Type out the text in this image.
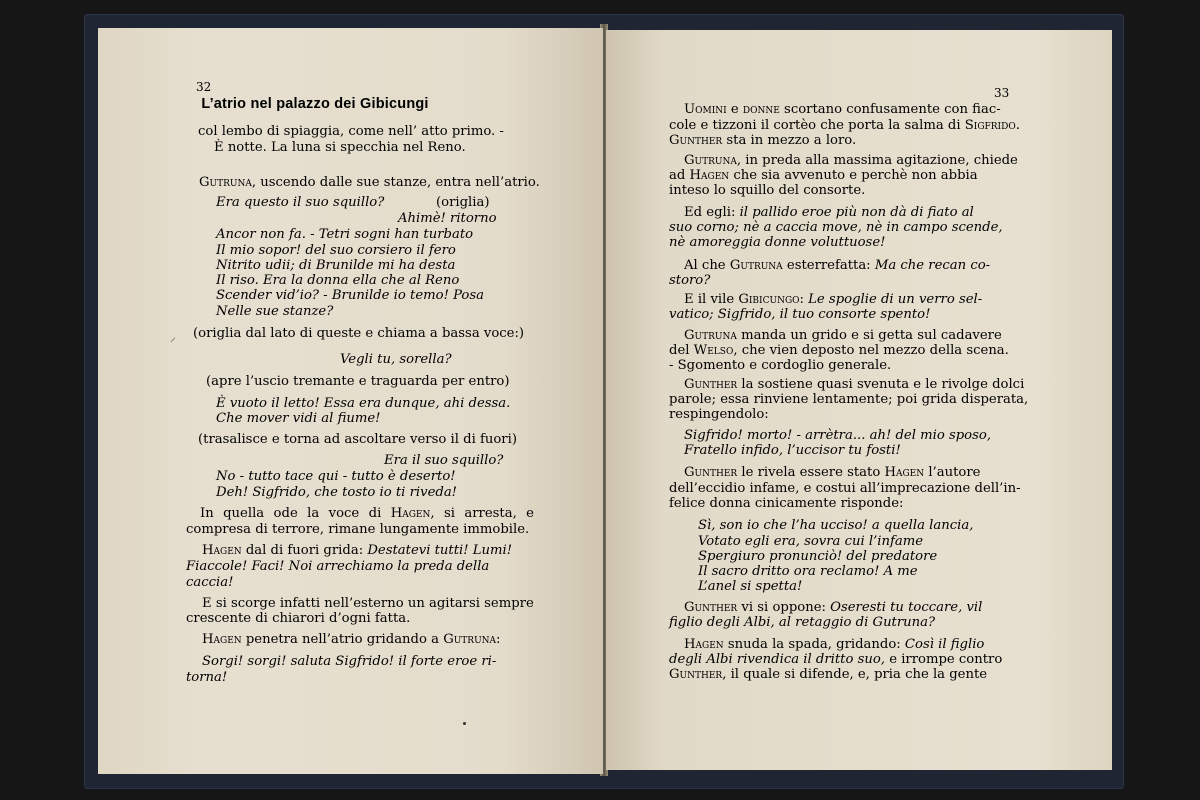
32
L’atrio nel palazzo dei Gibicungi
col lembo di spiaggia, come nell’ atto primo. -
È notte. La luna si specchia nel Reno.
Gutruna, uscendo dalle sue stanze, entra nell’atrio.
Era questo il suo squillo?	(origlia)
Ahimè! ritorno
Ancor non fa. - Tetri sogni han turbato
Il mio sopor! del suo corsiero il fero
Nitrito udii; di Brunilde mi ha desta
Il riso. Era la donna ella che al Reno
Scender vid’io? - Brunilde io temo! Posa
Nelle sue stanze?
⸝ (origlia dal lato di queste e chiama a bassa voce:)
Vegli tu, sorella?
(apre l’uscio tremante e traguarda per entro)
È vuoto il letto! Essa era dunque, ahi dessa.
Che mover vidi al fiume!
(trasalisce e torna ad ascoltare verso il di fuori)
Era il suo squillo?
No - tutto tace qui - tutto è deserto!
Deh! Sigfrido, che tosto io ti riveda!
In quella ode la voce di Hagen, si arresta, e
compresa di terrore, rimane lungamente immobile.
Hagen dal di fuori grida: Destatevi tutti! Lumi!
Fiaccole! Faci! Noi arrechiamo la preda della
caccia!
E si scorge infatti nell’esterno un agitarsi sempre
crescente di chiarori d’ogni fatta.
Hagen penetra nell’atrio gridando a Gutruna:
Sorgi! sorgi! saluta Sigfrido! il forte eroe ri-
torna!
33
Uomini e donne scortano confusamente con fiac-
cole e tizzoni il cortèo che porta la salma di Sigfrido.
Gunther sta in mezzo a loro.
Gutruna, in preda alla massima agitazione, chiede
ad Hagen che sia avvenuto e perchè non abbia
inteso lo squillo del consorte.
Ed egli: il pallido eroe più non dà di fiato al
suo corno; nè a caccia move, nè in campo scende,
nè amoreggia donne voluttuose!
Al che Gutruna esterrefatta: Ma che recan co-
storo?
E il vile Gibicungo: Le spoglie di un verro sel-
vatico; Sigfrido, il tuo consorte spento!
Gutruna manda un grido e si getta sul cadavere
del Welso, che vien deposto nel mezzo della scena.
- Sgomento e cordoglio generale.
Gunther la sostiene quasi svenuta e le rivolge dolci
parole; essa rinviene lentamente; poi grida disperata,
respingendolo:
Sigfrido! morto! - arrètra... ah! del mio sposo,
Fratello infido, l’uccisor tu fosti!
Gunther le rivela essere stato Hagen l’autore
dell’eccidio infame, e costui all’imprecazione dell’in-
felice donna cinicamente risponde:
Sì, son io che l’ha ucciso! a quella lancia,
Votato egli era, sovra cui l’infame
Spergiuro pronunciò! del predatore
Il sacro dritto ora reclamo! A me
L’anel si spetta!
Gunther vi si oppone: Oseresti tu toccare, vil
figlio degli Albi, al retaggio di Gutruna?
Hagen snuda la spada, gridando: Così il figlio
degli Albi rivendica il dritto suo, e irrompe contro
Gunther, il quale si difende, e, pria che la gente
